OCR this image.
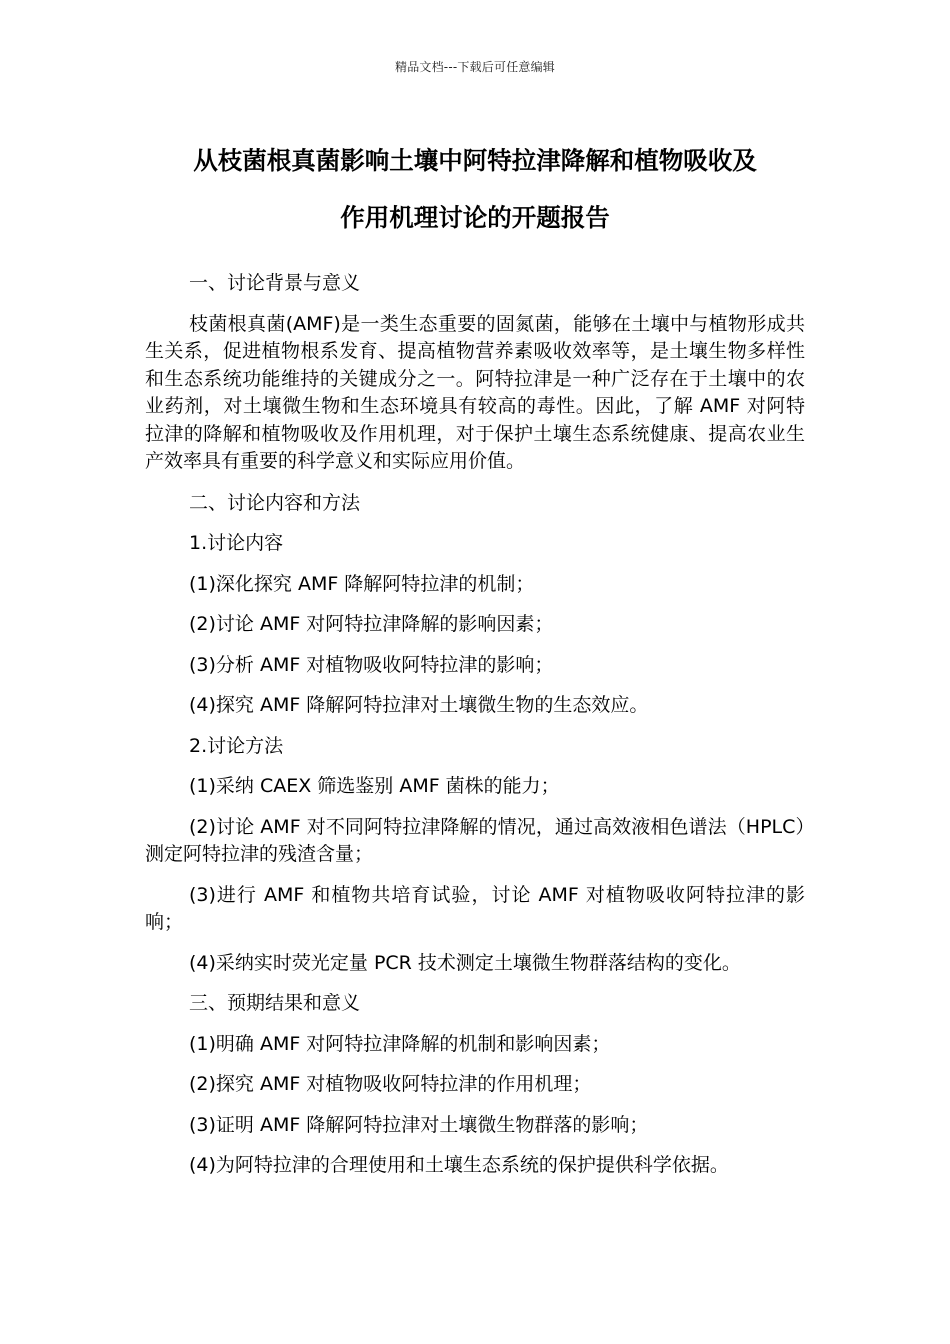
精品文档---下载后可任意编辑
从枝菌根真菌影响土壤中阿特拉津降解和植物吸收及
作用机理讨论的开题报告

一、讨论背景与意义

枝菌根真菌(AMF)是一类生态重要的固氮菌，能够在土壤中与植物形成共生关系，促进植物根系发育、提高植物营养素吸收效率等，是土壤生物多样性和生态系统功能维持的关键成分之一。阿特拉津是一种广泛存在于土壤中的农业药剂，对土壤微生物和生态环境具有较高的毒性。因此，了解 AMF 对阿特拉津的降解和植物吸收及作用机理，对于保护土壤生态系统健康、提高农业生产效率具有重要的科学意义和实际应用价值。

二、讨论内容和方法

1.讨论内容

(1)深化探究 AMF 降解阿特拉津的机制；

(2)讨论 AMF 对阿特拉津降解的影响因素；

(3)分析 AMF 对植物吸收阿特拉津的影响；

(4)探究 AMF 降解阿特拉津对土壤微生物的生态效应。

2.讨论方法

(1)采纳 CAEX 筛选鉴别 AMF 菌株的能力；

(2)讨论 AMF 对不同阿特拉津降解的情况，通过高效液相色谱法（HPLC）测定阿特拉津的残渣含量；

(3)进行 AMF 和植物共培育试验，讨论 AMF 对植物吸收阿特拉津的影响；

(4)采纳实时荧光定量 PCR 技术测定土壤微生物群落结构的变化。

三、预期结果和意义

(1)明确 AMF 对阿特拉津降解的机制和影响因素；

(2)探究 AMF 对植物吸收阿特拉津的作用机理；

(3)证明 AMF 降解阿特拉津对土壤微生物群落的影响；

(4)为阿特拉津的合理使用和土壤生态系统的保护提供科学依据。
